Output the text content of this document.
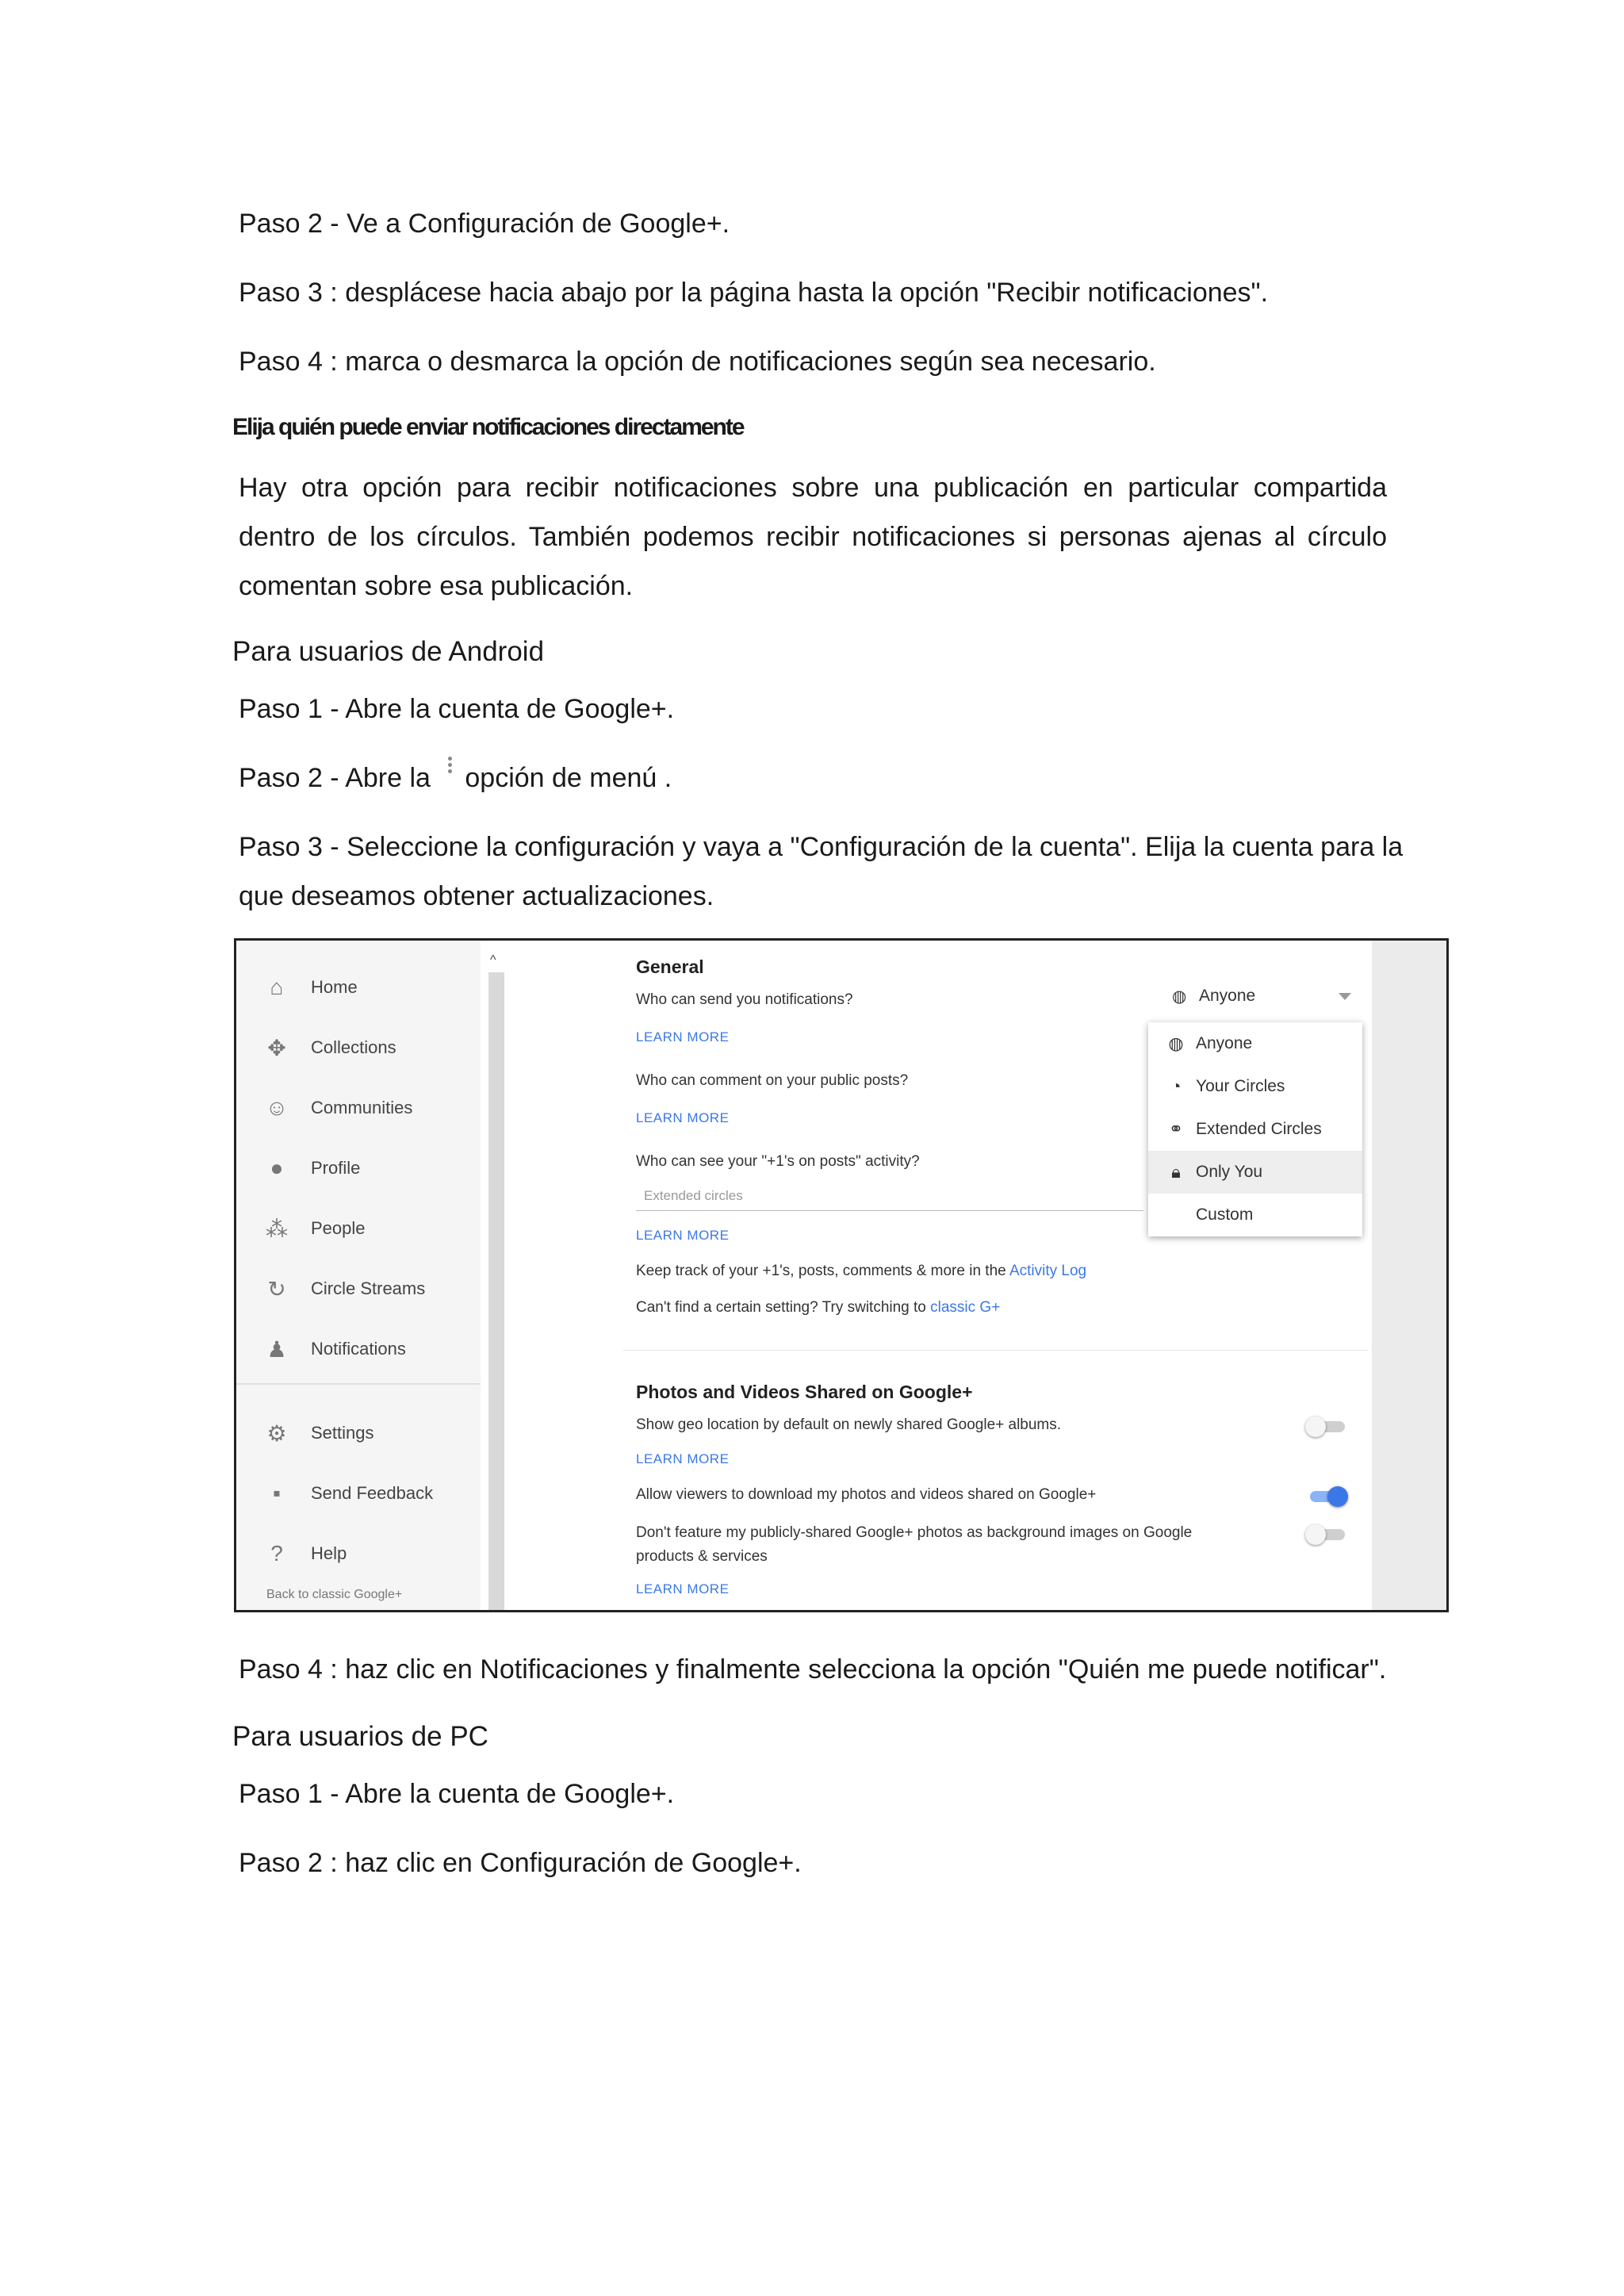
Paso 2 - Ve a Configuración de Google+.
Paso 3 : desplácese hacia abajo por la página hasta la opción "Recibir notificaciones".
Paso 4 : marca o desmarca la opción de notificaciones según sea necesario.
Elija quién puede enviar notificaciones directamente
Hay otra opción para recibir notificaciones sobre una publicación en particular compartida dentro de los círculos. También podemos recibir notificaciones si personas ajenas al círculo comentan sobre esa publicación.
Para usuarios de Android
Paso 1 - Abre la cuenta de Google+.
Paso 2 - Abre la
opción de menú .
Paso 3 - Seleccione la configuración y vaya a "Configuración de la cuenta". Elija la cuenta para la
que deseamos obtener actualizaciones.
⌂	Home
✥ Collections
☺ Communities
●	Profile
⁂ People
↻ Circle Streams
♟ Notifications
⚙ Settings
▪	Send Feedback
?	Help
Back to classic Google+
^	General
Who can send you notifications?
LEARN MORE
Who can comment on your public posts?
LEARN MORE
Who can see your "+1's on posts" activity?
Extended circles
LEARN MORE
Keep track of your +1's, posts, comments & more in the Activity Log
Can't find a certain setting? Try switching to classic G+
Photos and Videos Shared on Google+
Show geo location by default on newly shared Google+ albums.
LEARN MORE
Allow viewers to download my photos and videos shared on Google+
Don't feature my publicly-shared Google+ photos as background images on Google
products & services
LEARN MORE
◍ Anyone
◍ Anyone
◔ Your Circles
⚭ Extended Circles
🔒︎ Only You
Custom
Paso 4 : haz clic en Notificaciones y finalmente selecciona la opción "Quién me puede notificar".
Para usuarios de PC
Paso 1 - Abre la cuenta de Google+.
Paso 2 : haz clic en Configuración de Google+.
